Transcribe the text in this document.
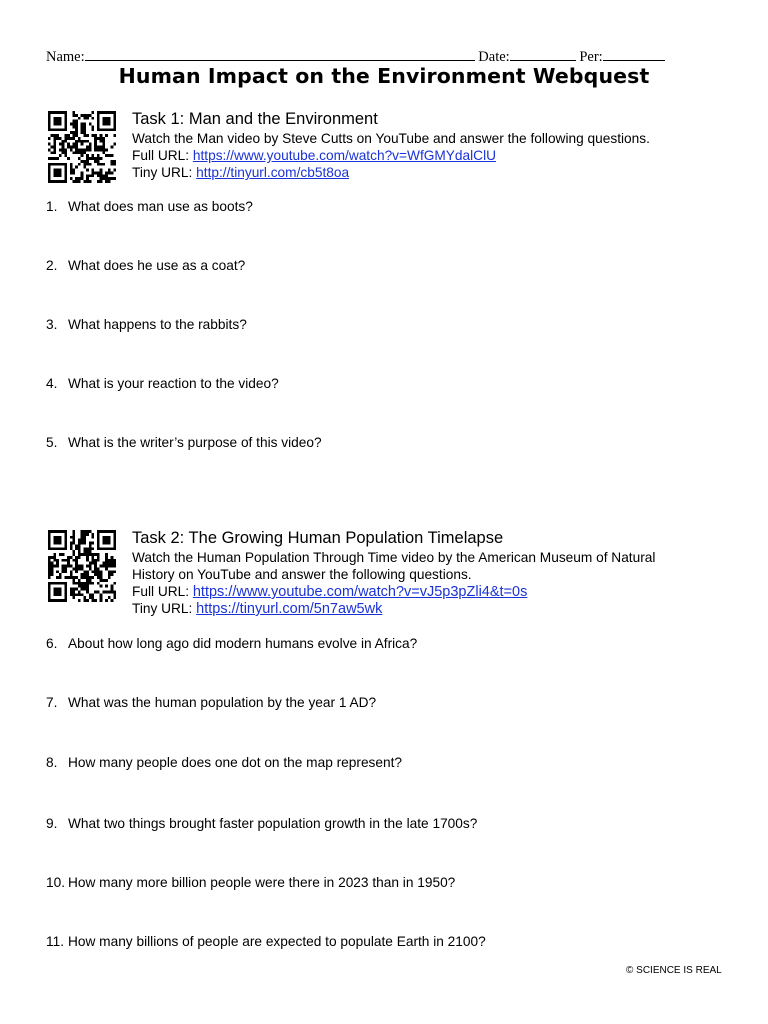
Name:	Date:	Per:
Human Impact on the Environment Webquest
Task 1: Man and the Environment
Watch the Man video by Steve Cutts on YouTube and answer the following questions.
Full URL: https://www.youtube.com/watch?v=WfGMYdalClU
Tiny URL: http://tinyurl.com/cb5t8oa
1. What does man use as boots?
2. What does he use as a coat?
3. What happens to the rabbits?
4. What is your reaction to the video?
5. What is the writer’s purpose of this video?
Task 2: The Growing Human Population Timelapse
Watch the Human Population Through Time video by the American Museum of Natural
History on YouTube and answer the following questions.
Full URL: https://www.youtube.com/watch?v=vJ5p3pZli4&t=0s
Tiny URL: https://tinyurl.com/5n7aw5wk
6. About how long ago did modern humans evolve in Africa?
7. What was the human population by the year 1 AD?
8. How many people does one dot on the map represent?
9. What two things brought faster population growth in the late 1700s?
10. How many more billion people were there in 2023 than in 1950?
11. How many billions of people are expected to populate Earth in 2100?
© SCIENCE IS REAL
